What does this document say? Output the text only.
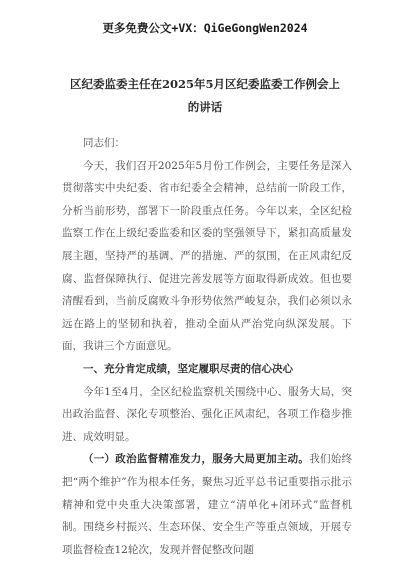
更多免费公文+VX：QiGeGongWen2024
区纪委监委主任在2025年5月区纪委监委工作例会上的讲话

同志们：

今天，我们召开2025年5月份工作例会，主要任务是深入贯彻落实中央纪委、省市纪委全会精神，总结前一阶段工作，分析当前形势，部署下一阶段重点任务。今年以来，全区纪检监察工作在上级纪委监委和区委的坚强领导下，紧扣高质量发展主题，坚持严的基调、严的措施、严的氛围，在正风肃纪反腐、监督保障执行、促进完善发展等方面取得新成效。但也要清醒看到，当前反腐败斗争形势依然严峻复杂，我们必须以永远在路上的坚韧和执着，推动全面从严治党向纵深发展。下面，我讲三个方面意见。

一、充分肯定成绩，坚定履职尽责的信心决心

今年1至4月，全区纪检监察机关围绕中心、服务大局，突出政治监督、深化专项整治、强化正风肃纪，各项工作稳步推进、成效明显。

（一）政治监督精准发力，服务大局更加主动。我们始终把“两个维护”作为根本任务，聚焦习近平总书记重要指示批示精神和党中央重大决策部署，建立“清单化+闭环式”监督机制。围绕乡村振兴、生态环保、安全生产等重点领域，开展专项监督检查12轮次，发现并督促整改问题
